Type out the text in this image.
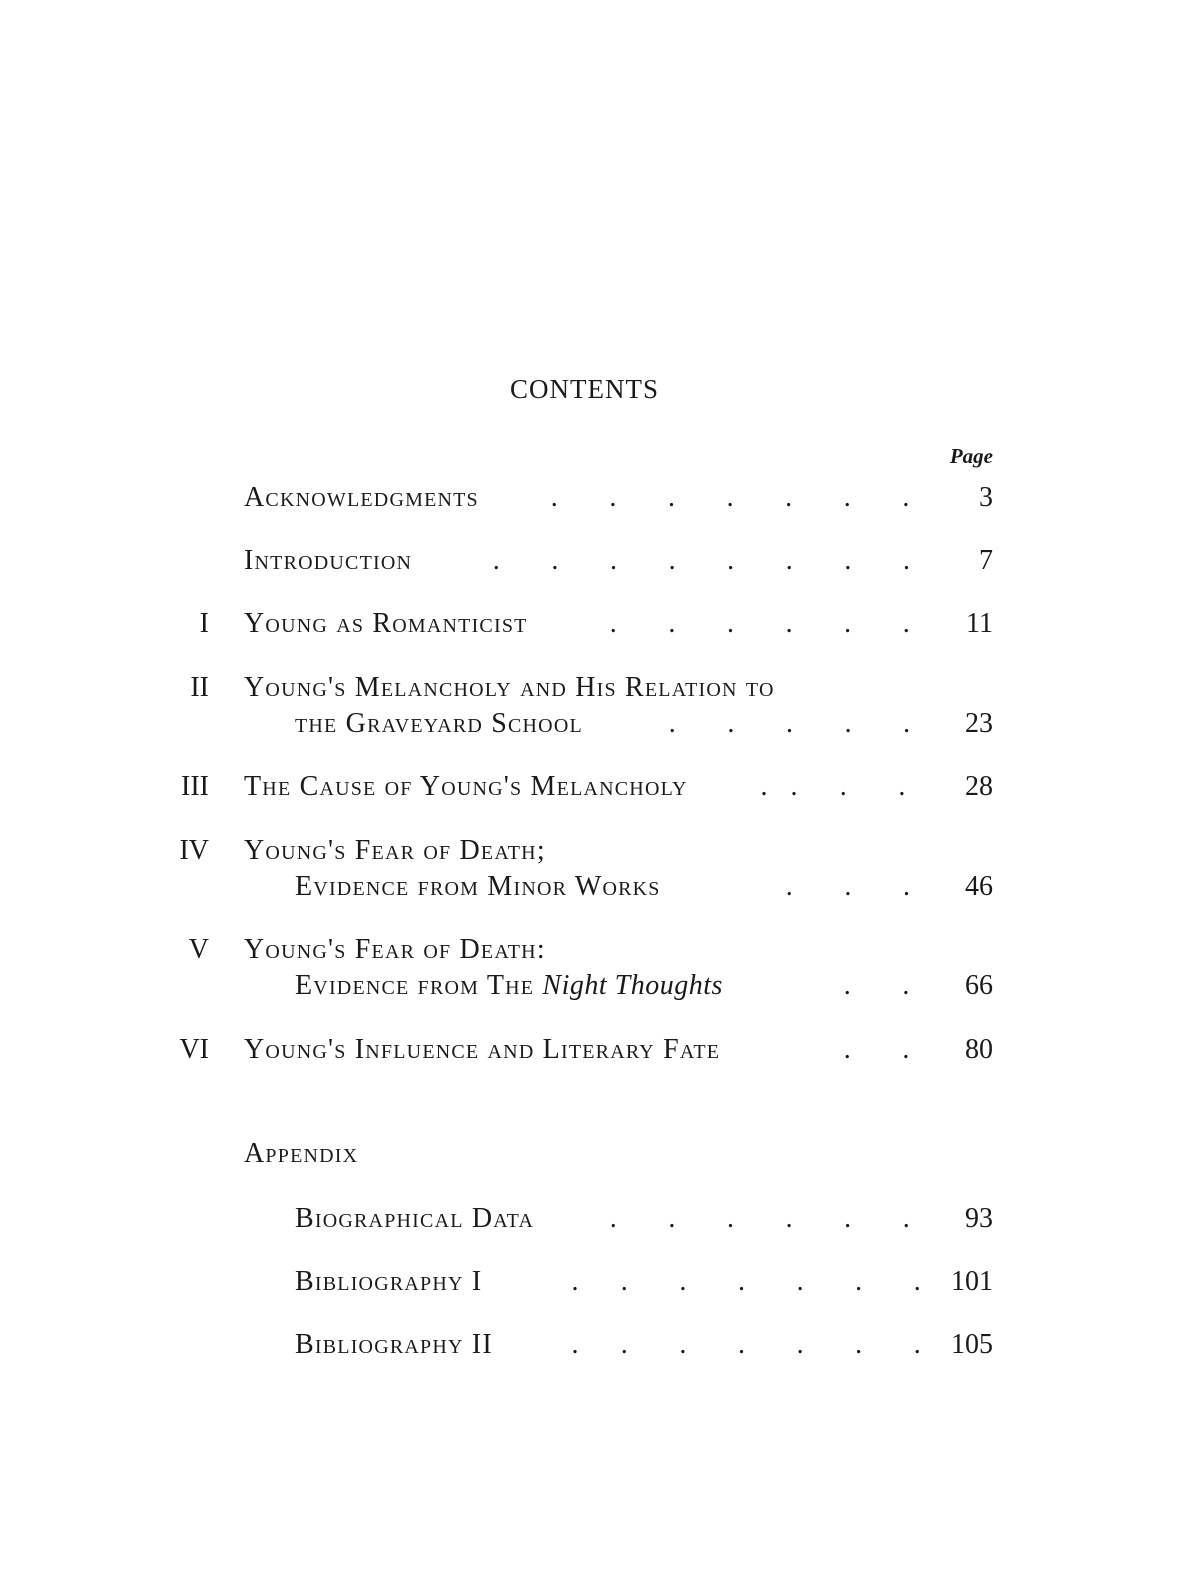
CONTENTS
Page
Acknowledgments	. . . . . . .	3
Introduction	. . . . . . . .	7
I Young as Romanticist	. . . . . .	11
II Young's Melancholy and His Relation to
the Graveyard School	. . . . .	23
III The Cause of Young's Melancholy	. . . .	28
IV Young's Fear of Death;
Evidence from Minor Works	. . .	46
V Young's Fear of Death:
Evidence from The Night Thoughts	. .	66
VI Young's Influence and Literary Fate	. .	80
Appendix
Biographical Data	. . . . . .	93
Bibliography I	. . . . . . .	101
Bibliography II	. . . . . . .	105
